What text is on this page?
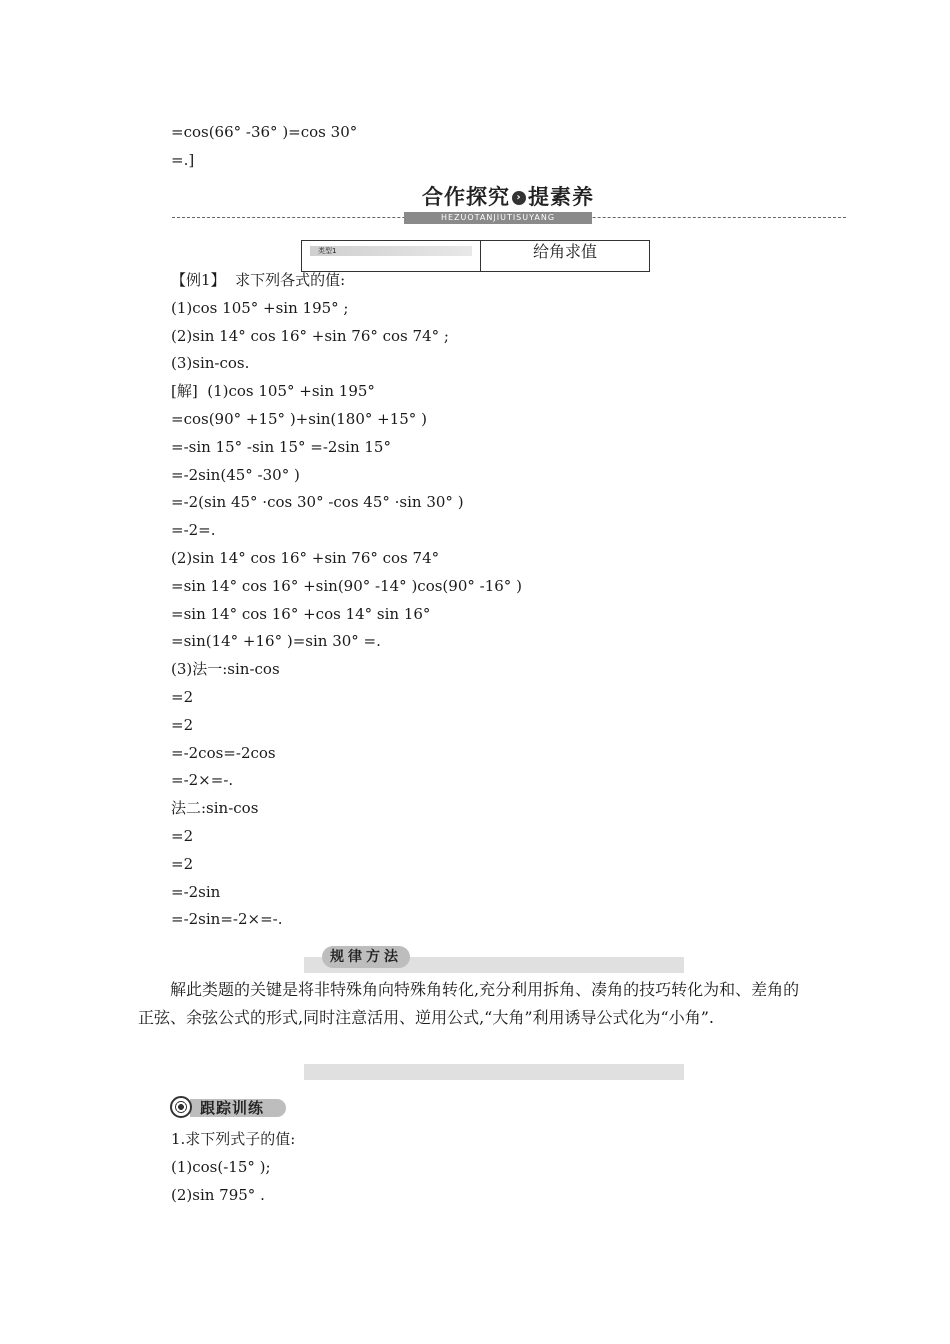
=cos(66° -36° )=cos 30°
=.]
合作探究 › 提素养
HEZUOTANJIUTISUYANG
类型1	给角求值
【例1】  求下列各式的值:
(1)cos 105° +sin 195° ;
(2)sin 14° cos 16° +sin 76° cos 74° ;
(3)sin-cos.
[解]  (1)cos 105° +sin 195°
=cos(90° +15° )+sin(180° +15° )
=-sin 15° -sin 15° =-2sin 15°
=-2sin(45° -30° )
=-2(sin 45° ·cos 30° -cos 45° ·sin 30° )
=-2=.
(2)sin 14° cos 16° +sin 76° cos 74°
=sin 14° cos 16° +sin(90° -14° )cos(90° -16° )
=sin 14° cos 16° +cos 14° sin 16°
=sin(14° +16° )=sin 30° =.
(3)法一:sin-cos
=2
=2
=-2cos=-2cos
=-2×=-.
法二:sin-cos
=2
=2
=-2sin
=-2sin=-2×=-.
规律方法
解此类题的关键是将非特殊角向特殊角转化,充分利用拆角、凑角的技巧转化为和、差角的正弦、余弦公式的形式,同时注意活用、逆用公式,“大角”利用诱导公式化为“小角”.
跟踪训练
1.求下列式子的值:
(1)cos(-15° );
(2)sin 795° .
